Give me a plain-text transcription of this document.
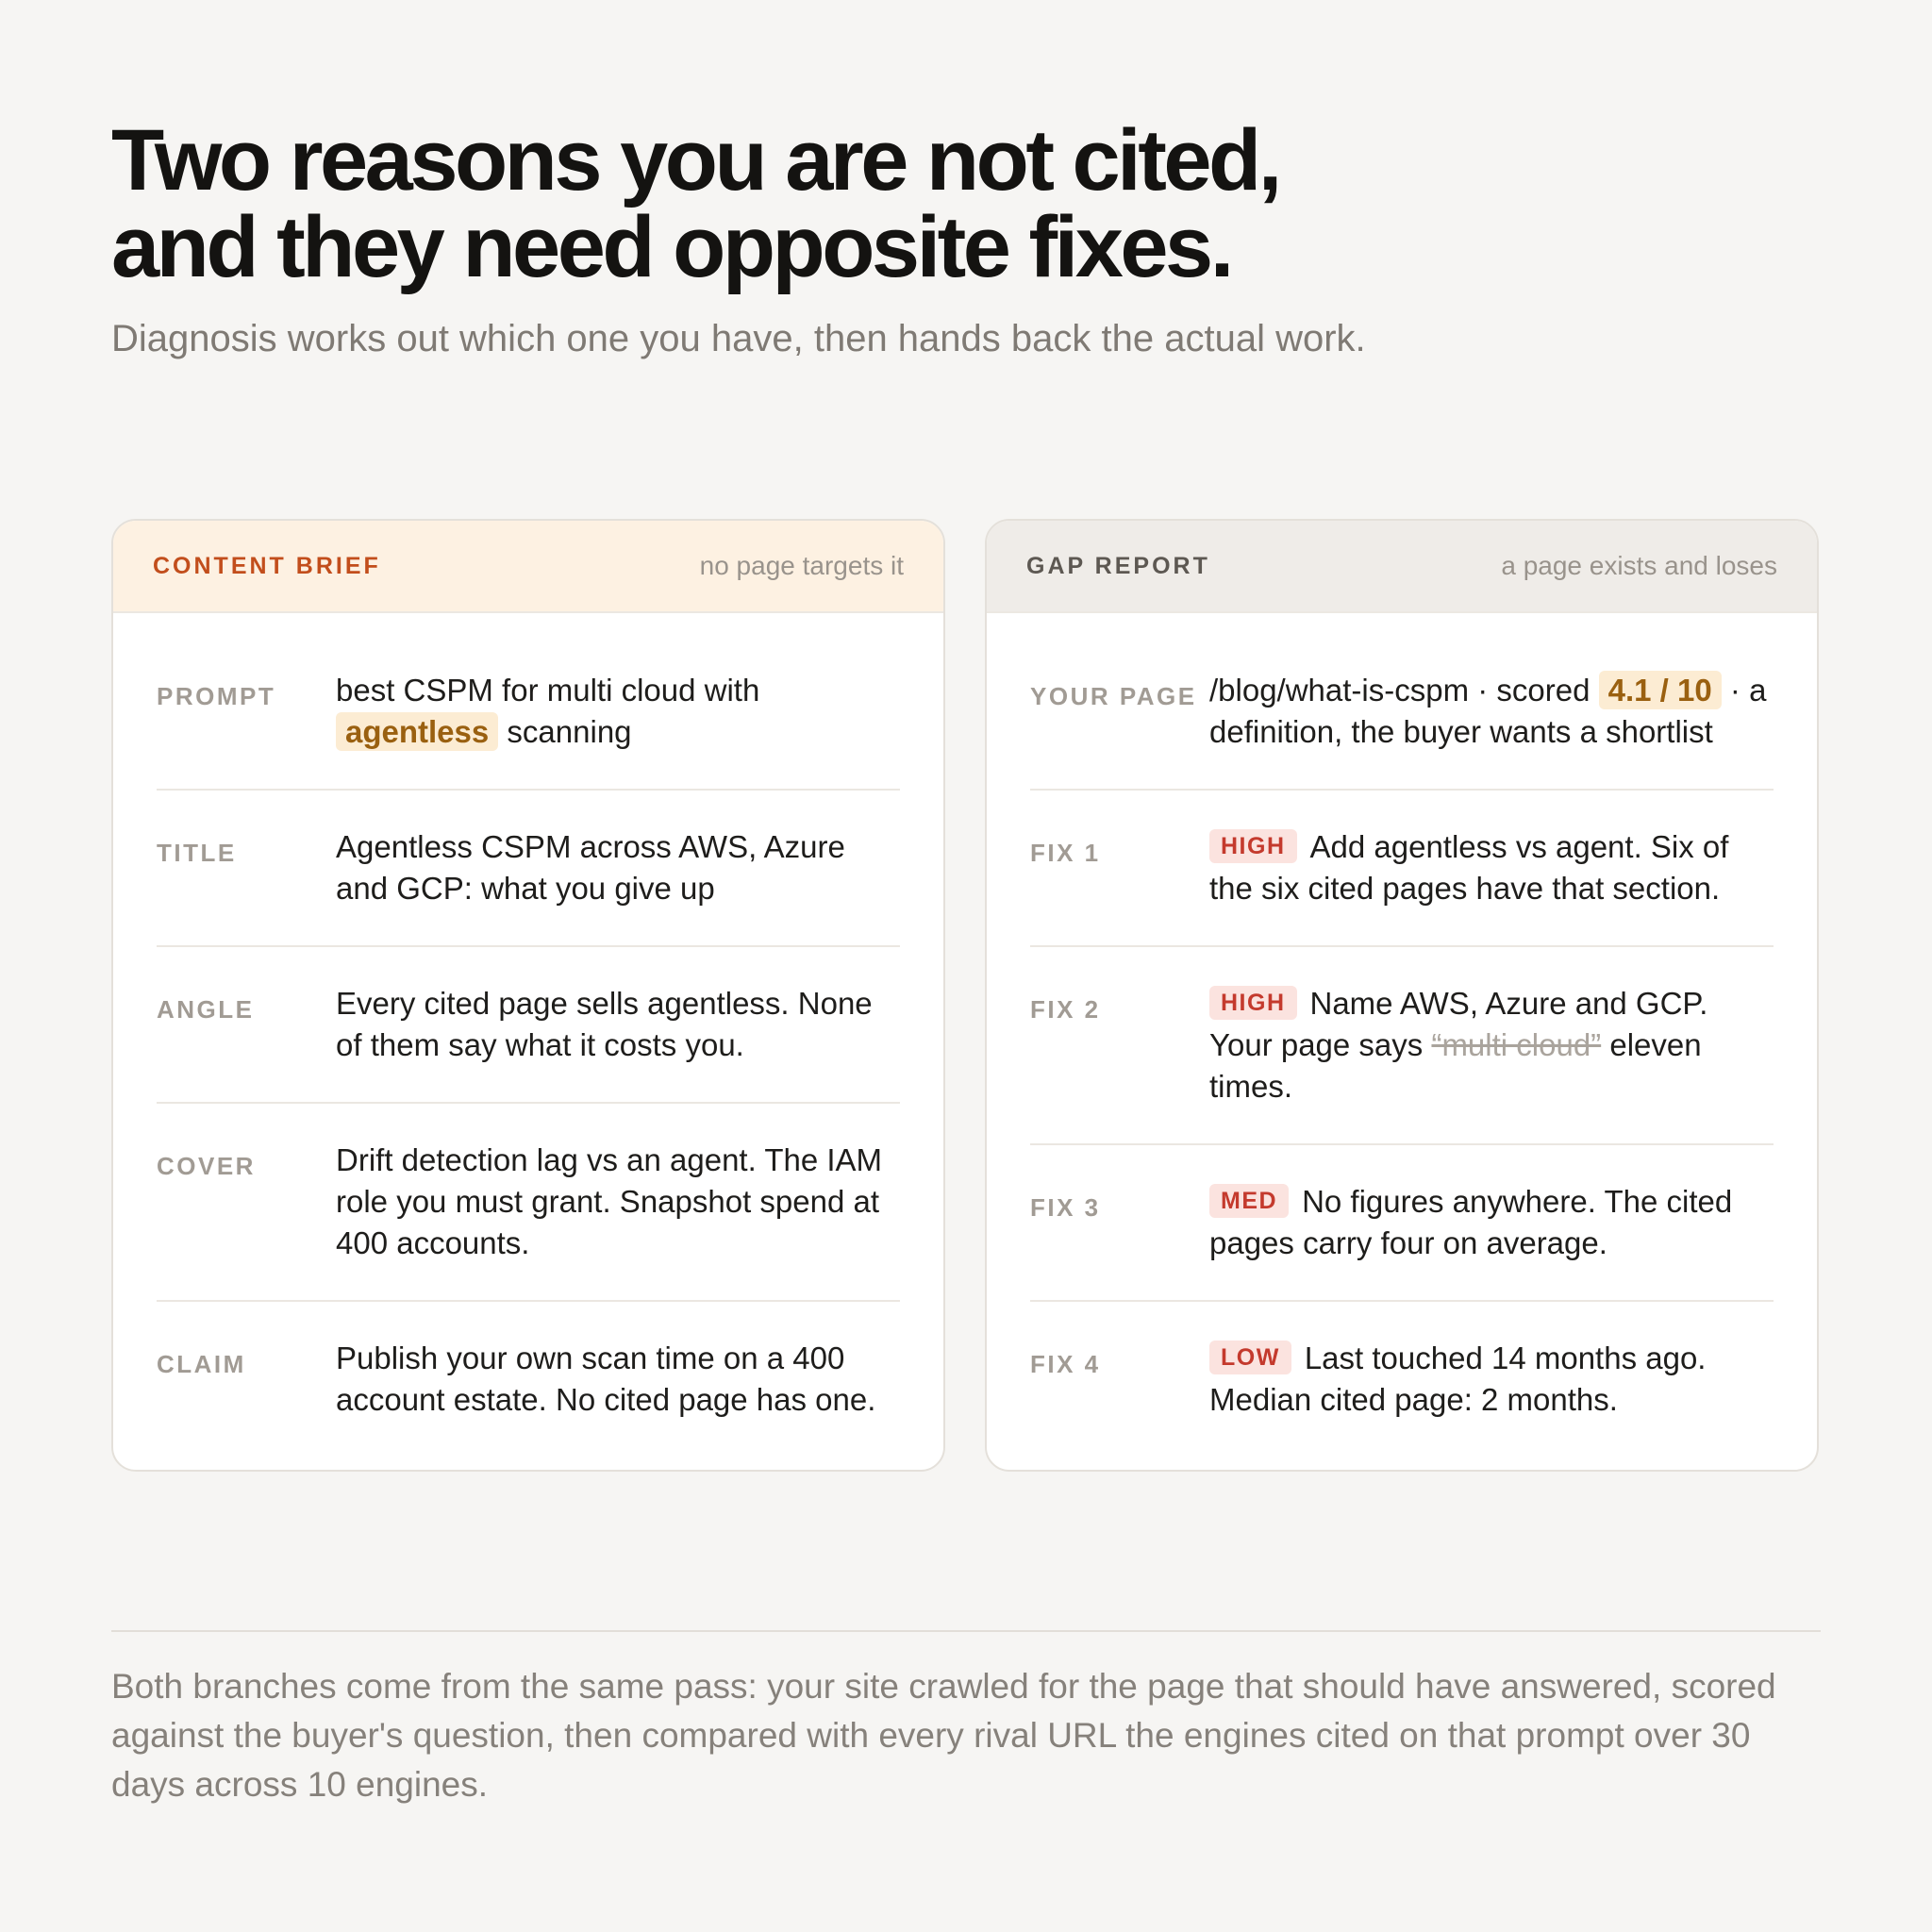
Two reasons you are not cited,
and they need opposite fixes.

Diagnosis works out which one you have, then hands back the actual work.

CONTENT BRIEF	no page targets it
PROMPT	best CSPM for multi cloud with
agentless scanning
TITLE	Agentless CSPM across AWS, Azure and GCP: what you give up
ANGLE	Every cited page sells agentless. None of them say what it costs you.
COVER	Drift detection lag vs an agent. The IAM role you must grant. Snapshot spend at 400 accounts.
CLAIM	Publish your own scan time on a 400 account estate. No cited page has one.
GAP REPORT	a page exists and loses
YOUR PAGE /blog/what-is-cspm · scored 4.1 / 10 · a definition, the buyer wants a shortlist
FIX 1	HIGH Add agentless vs agent. Six of the six cited pages have that section.
FIX 2	HIGH Name AWS, Azure and GCP. Your page says “multi cloud” eleven times.
FIX 3	MED No figures anywhere. The cited pages carry four on average.
FIX 4	LOW Last touched 14 months ago. Median cited page: 2 months.

Both branches come from the same pass: your site crawled for the page that should have answered, scored against the buyer's question, then compared with every rival URL the engines cited on that prompt over 30 days across 10 engines.
